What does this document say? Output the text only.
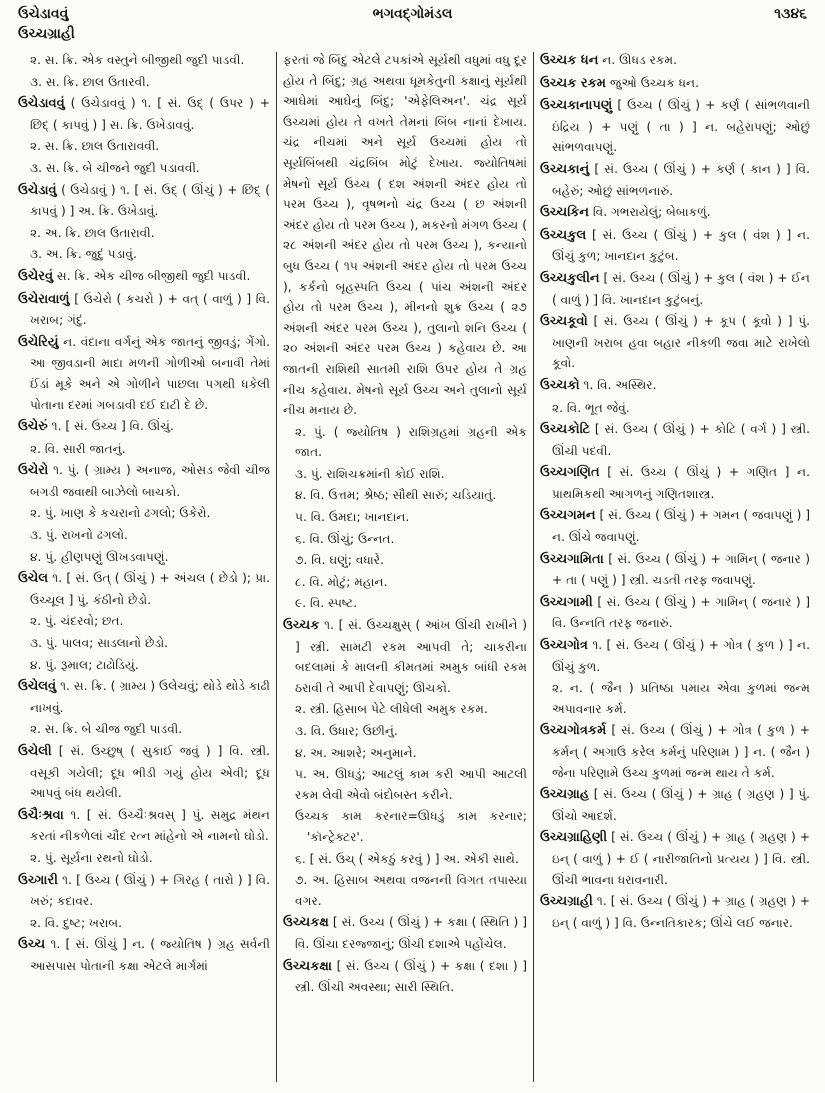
ઉચેડાવવું
ઉચ્ચગ્રાહી
ભગવદ્ગોમંડલ	૧૩૪૬

૨. સ. ક્રિ. એક વસ્તુને બીજીથી જુદી પાડવી.

૩. સ. ક્રિ. છાલ ઉતારવી.

ઉચેડાવવું ( ઉચેડાવવું ) ૧. [ સં. ઉદ્ ( ઉપર ) + છિદ્ ( કાપવું ) ] સ. ક્રિ. ઉખેડાવવું.

૨. સ. ક્રિ. છાલ ઉતારાવવી.

૩. સ. ક્રિ. બે ચીજને જુદી પડાવવી.

ઉચેડાવું ( ઉચેડાવું ) ૧. [ સં. ઉદ્ ( ઊંચું ) + છિદ્ ( કાપવું ) ] અ. ક્રિ. ઉખેડાવું.

૨. અ. ક્રિ. છાલ ઉતારાવી.

૩. અ. ક્રિ. જુદું પડાવું.

ઉચેરવું સ. ક્રિ. એક ચીજ બીજીથી જુદી પાડવી.

ઉચેરાવાળું [ ઉચેરો ( કચરો ) + વત્ ( વાળું ) ] વિ. ખરાબ; ગંદું.

ઉચેરિયું ન. વંદાના વર્ગનું એક જાતનું જીવડું; ગેંગો. આ જીવડાની માદા મળની ગોળીઓ બનાવી તેમાં ઈંડાં મૂકે અને એ ગોળીને પાછલા પગથી ધકેલી પોતાના દરમાં ગબડાવી દઈ દાટી દે છે.

ઉચેરું ૧. [ સં. ઉચ્ચ ] વિ. ઊંચું.

૨. વિ. સારી જાતનું.

ઉચેરો ૧. પું. ( ગ્રામ્ય ) અનાજ, ઓસડ જેવી ચીજ બગડી જવાથી બાઝેલો બાચકો.

૨. પું. ખાણ કે કચરાનો ઢગલો; ઉકેરો.

૩. પું. રાખનો ઢગલો.

૪. પું. હીણપણું ઊખડવાપણું.

ઉચેલ ૧. [ સં. ઉત્ ( ઊંચું ) + અંચલ ( છેડો ); પ્રા. ઉચ્ચૂલ ] પું. કંઠીનો છેડો.

૨. પું. ચંદરવો; છત.

૩. પું. પાલવ; સાડલાનો છેડો.

૪. પું. રૂમાલ; ટાઢોડિયું.

ઉચેલવું ૧. સ. ક્રિ. ( ગ્રામ્ય ) ઉલેચવું; થોડે થોડે કાઢી નાખવું.

૨. સ. ક્રિ. બે ચીજ જુદી પાડવી.

ઉચેલી [ સં. ઉચ્છુષ્ ( સુકાઈ જવું ) ] વિ. સ્ત્રી. વસૂકી ગયેલી; દૂધ ભીડી ગયું હોય એવી; દૂધ આપવું બંધ થયેલી.

ઉચૈઃશ્રવા ૧. [ સં. ઉચ્ચૈઃશ્રવસ્ ] પું. સમુદ્ર મંથન કરતાં નીકળેલાં ચૌદ રત્ન માંહેનો એ નામનો ઘોડો.

૨. પું. સૂર્યના રથનો ઘોડો.

ઉચ્ગારી ૧. [ ઉચ્ચ ( ઊંચું ) + ગિરહ ( તારો ) ] વિ. ખરું; કદાવર.

૨. વિ. દુષ્ટ; ખરાબ.

ઉચ્ચ ૧. [ સં. ઊંચું ] ન. ( જ્યોતિષ ) ગ્રહ સર્વની આસપાસ પોતાની કક્ષા એટલે માર્ગમાં

ફરતાં જે બિંદુ એટલે ટપકાંએ સૂર્યથી વધુમાં વધુ દૂર હોય તે બિંદુ; ગ્રહ અથવા ધૂમકેતુની કક્ષાનું સૂર્યથી આઘેમાં આઘેનું બિંદુ; 'એફેલિઅન'. ચંદ્ર સૂર્ય ઉચ્ચમાં હોય તે વખતે તેમનાં બિંબ નાનાં દેખાય. ચંદ્ર નીચમાં અને સૂર્ય ઉચ્ચમાં હોય તો સૂર્યબિંબથી ચંદ્રબિંબ મોટું દેખાય. જ્યોતિષમાં મેષનો સૂર્ય ઉચ્ચ ( દશ અંશની અંદર હોય તો પરમ ઉચ્ચ ), વૃષભનો ચંદ્ર ઉચ્ચ ( છ અંશની અંદર હોય તો પરમ ઉચ્ચ ), મકરનો મંગળ ઉચ્ચ ( ૨૮ અંશની અંદર હોય તો પરમ ઉચ્ચ ), કન્યાનો બુધ ઉચ્ચ ( ૧૫ અંશની અંદર હોય તો પરમ ઉચ્ચ ), કર્કનો બૃહસ્પતિ ઉચ્ચ ( પાંચ અંશની અંદર હોય તો પરમ ઉચ્ચ ), મીનનો શુક્ર ઉચ્ચ ( ૨૭ અંશની અંદર પરમ ઉચ્ચ ), તુલાનો શનિ ઉચ્ચ ( ૨૦ અંશની અંદર પરમ ઉચ્ચ ) કહેવાય છે. આ જાતની રાશિથી સાતમી રાશિ ઉપર હોય તે ગ્રહ નીચ કહેવાય. મેષનો સૂર્ય ઉચ્ચ અને તુલાનો સૂર્ય નીચ મનાય છે.

૨. પું. ( જ્યોતિષ ) રાશિગ્રહમાં ગ્રહની એક જાત.

૩. પું. રાશિચક્રમાંની કોઈ રાશિ.

૪. વિ. ઉત્તમ; શ્રેષ્ઠ; સૌથી સારું; ચડિયાતું.

૫. વિ. ઉમદા; ખાનદાન.

૬. વિ. ઊંચું; ઉન્નત.

૭. વિ. ઘણું; વધારે.

૮. વિ. મોટું; મહાન.

૯. વિ. સ્પષ્ટ.

ઉચ્ચક ૧. [ સં. ઉચ્ચક્ષુસ્ ( આંખ ઊંચી રાખીને ) ] સ્ત્રી. સામટી રકમ આપવી તે; ચાકરીના બદલામાં કે માલની કીમતમાં અમુક બાંધી રકમ ઠરાવી તે આપી દેવાપણું; ઊચકો.

૨. સ્ત્રી. હિસાબ પેટે લીધેલી અમુક રકમ.

૩. વિ. ઉધાર; ઉછીનું.

૪. અ. આશરે; અનુમાને.

૫. અ. ઊધડું; આટલું કામ કરી આપી આટલી રકમ લેવી એવો બંદોબસ્ત કરીને.

ઉચ્ચક કામ કરનાર=ઊધડું કામ કરનાર; 'કૉન્ટ્રેક્ટર'.

૬. [ સં. ઉચ્ ( એકઠું કરવું ) ] અ. એકી સાથે.

૭. અ. હિસાબ અથવા વજનની વિગત તપાસ્યા વગર.

ઉચ્ચકક્ષ [ સં. ઉચ્ચ ( ઊંચું ) + કક્ષા ( સ્થિતિ ) ] વિ. ઊંચા દરજ્જાનું; ઊંચી દશાએ પહોંચેલ.

ઉચ્ચકક્ષા [ સં. ઉચ્ચ ( ઊંચું ) + કક્ષા ( દશા ) ] સ્ત્રી. ઊંચી અવસ્થા; સારી સ્થિતિ.

ઉચ્ચક ધન ન. ઊધડ રકમ.

ઉચ્ચક રકમ જુઓ ઉચ્ચક ધન.

ઉચ્ચકાનાપણું [ ઉચ્ચ ( ઊંચું ) + કર્ણ ( સાંભળવાની ઇંદ્રિય ) + પણું ( તા ) ] ન. બહેરાપણું; ઓછું સાંભળવાપણું.

ઉચ્ચકાનું [ સં. ઉચ્ચ ( ઊંચું ) + કર્ણ ( કાન ) ] વિ. બહેરું; ઓછું સાંભળનારું.

ઉચ્ચકિન વિ. ગભરાયેલું; બેબાકળું.

ઉચ્ચકુલ [ સં. ઉચ્ચ ( ઊંચું ) + કુલ ( વંશ ) ] ન. ઊંચું કુળ; ખાનદાન કુટુંબ.

ઉચ્ચકુલીન [ સં. ઉચ્ચ ( ઊંચું ) + કુલ ( વંશ ) + ઈન ( વાળું ) ] વિ. ખાનદાન કુટુંબનું.

ઉચ્ચકૂવો [ સં. ઉચ્ચ ( ઊંચું ) + કૂપ ( કૂવો ) ] પું. ખાણની ખરાબ હવા બહાર નીકળી જવા માટે રાખેલો કૂવો.

ઉચ્ચકો ૧. વિ. અસ્થિર.

૨. વિ. ભૂત જેવું.

ઉચ્ચકોટિ [ સં. ઉચ્ચ ( ઊંચું ) + કોટિ ( વર્ગ ) ] સ્ત્રી. ઊંચી પદવી.

ઉચ્ચગણિત [ સં. ઉચ્ચ ( ઊંચું ) + ગણિત ] ન. પ્રાથમિકથી આગળનું ગણિતશાસ્ત્ર.

ઉચ્ચગમન [ સં. ઉચ્ચ ( ઊંચું ) + ગમન ( જવાપણું ) ] ન. ઊંચે જવાપણું.

ઉચ્ચગામિતા [ સં. ઉચ્ચ ( ઊંચું ) + ગામિન્ ( જનાર ) + તા ( પણું ) ] સ્ત્રી. ચડતી તરફ જવાપણું.

ઉચ્ચગામી [ સં. ઉચ્ચ ( ઊંચું ) + ગામિન્ ( જનાર ) ] વિ. ઉન્નતિ તરફ જનારું.

ઉચ્ચગોત્ર ૧. [ સં. ઉચ્ચ ( ઊંચું ) + ગોત્ર ( કુળ ) ] ન. ઊંચું કુળ.

૨. ન. ( જૈન ) પ્રતિષ્ઠા પમાય એવા કુળમાં જન્મ અપાવનાર કર્મ.

ઉચ્ચગોત્રકર્મ [ સં. ઉચ્ચ ( ઊંચું ) + ગોત્ર ( કુળ ) + કર્મન્ ( અગાઉ કરેલ કર્મનું પરિણામ ) ] ન. ( જૈન ) જેના પરિણામે ઉચ્ચ કુળમાં જન્મ થાય તે કર્મ.

ઉચ્ચગ્રાહ [ સં. ઉચ્ચ ( ઊંચું ) + ગ્રાહ ( ગ્રહણ ) ] પું. ઊંચો આદર્શ.

ઉચ્ચગ્રાહિણી [ સં. ઉચ્ચ ( ઊંચું ) + ગ્રાહ ( ગ્રહણ ) + ઇન્ ( વાળું ) + ઈ ( નારીજાતિનો પ્રત્યય ) ] વિ. સ્ત્રી. ઊંચી ભાવના ધરાવનારી.

ઉચ્ચગ્રાહી ૧. [ સં. ઉચ્ચ ( ઊંચું ) + ગ્રાહ ( ગ્રહણ ) + ઇન્ ( વાળું ) ] વિ. ઉન્નતિકારક; ઊંચે લઈ જનાર.
